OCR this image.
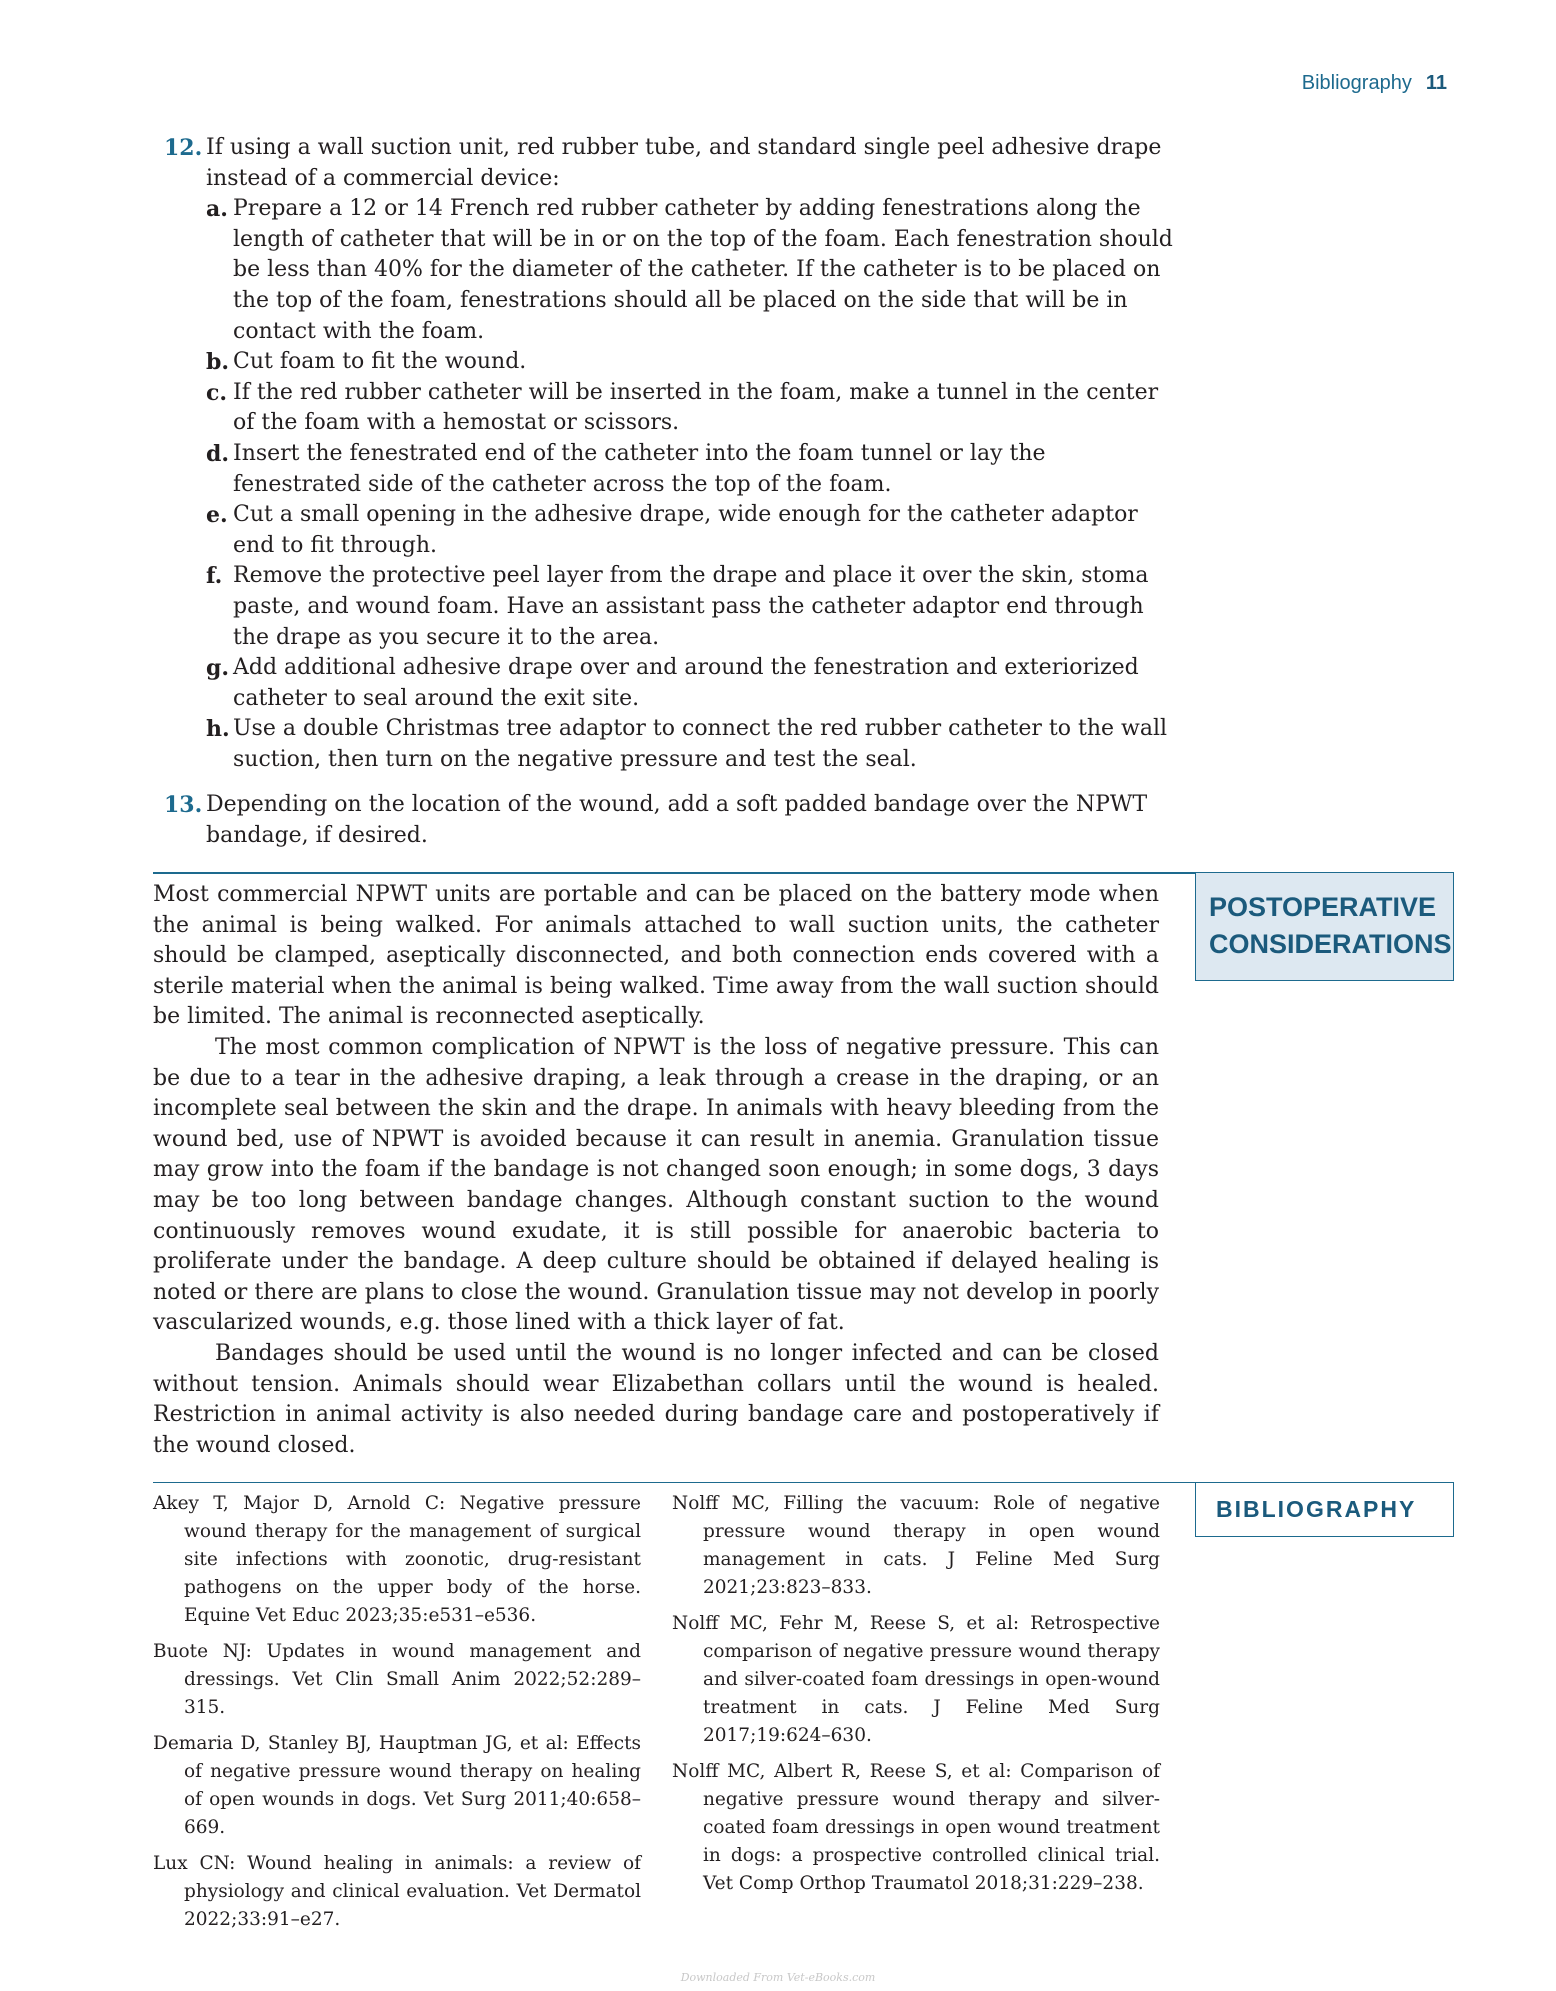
Bibliography 11
12. If using a wall suction unit, red rubber tube, and standard single peel adhesive drape instead of a commercial device:
a. Prepare a 12 or 14 French red rubber catheter by adding fenestrations along the length of catheter that will be in or on the top of the foam. Each fenestration should be less than 40% for the diameter of the catheter. If the catheter is to be placed on the top of the foam, fenestrations should all be placed on the side that will be in contact with the foam.
b. Cut foam to fit the wound.
c. If the red rubber catheter will be inserted in the foam, make a tunnel in the center of the foam with a hemostat or scissors.
d. Insert the fenestrated end of the catheter into the foam tunnel or lay the fenestrated side of the catheter across the top of the foam.
e. Cut a small opening in the adhesive drape, wide enough for the catheter adaptor end to fit through.
f. Remove the protective peel layer from the drape and place it over the skin, stoma paste, and wound foam. Have an assistant pass the catheter adaptor end through the drape as you secure it to the area.
g. Add additional adhesive drape over and around the fenestration and exteriorized catheter to seal around the exit site.
h. Use a double Christmas tree adaptor to connect the red rubber catheter to the wall suction, then turn on the negative pressure and test the seal.
13. Depending on the location of the wound, add a soft padded bandage over the NPWT bandage, if desired.
POSTOPERATIVE
CONSIDERATIONS

Most commercial NPWT units are portable and can be placed on the battery mode when the animal is being walked. For animals attached to wall suction units, the catheter should be clamped, aseptically disconnected, and both connection ends covered with a sterile material when the animal is being walked. Time away from the wall suction should be limited. The animal is reconnected aseptically.

The most common complication of NPWT is the loss of negative pressure. This can be due to a tear in the adhesive draping, a leak through a crease in the draping, or an incomplete seal between the skin and the drape. In animals with heavy bleeding from the wound bed, use of NPWT is avoided because it can result in anemia. Granulation tissue may grow into the foam if the bandage is not changed soon enough; in some dogs, 3 days may be too long between bandage changes. Although constant suction to the wound continuously removes wound exudate, it is still possible for anaerobic bacteria to proliferate under the bandage. A deep culture should be obtained if delayed healing is noted or there are plans to close the wound. Granulation tissue may not develop in poorly vascularized wounds, e.g. those lined with a thick layer of fat.

Bandages should be used until the wound is no longer infected and can be closed without tension. Animals should wear Elizabethan collars until the wound is healed. Restriction in animal activity is also needed during bandage care and postoperatively if the wound closed.

BIBLIOGRAPHY
Akey T, Major D, Arnold C: Negative pressure wound therapy for the management of surgical site infections with zoonotic, drug-resistant pathogens on the upper body of the horse. Equine Vet Educ 2023;35:e531–e536.
Buote NJ: Updates in wound management and dressings. Vet Clin Small Anim 2022;52:289–315.
Demaria D, Stanley BJ, Hauptman JG, et al: Effects of negative pressure wound therapy on healing of open wounds in dogs. Vet Surg 2011;40:658–669.
Lux CN: Wound healing in animals: a review of physiology and clinical evaluation. Vet Dermatol 2022;33:91–e27.
Nolff MC, Filling the vacuum: Role of negative pressure wound therapy in open wound management in cats. J Feline Med Surg 2021;23:823–833.
Nolff MC, Fehr M, Reese S, et al: Retrospective comparison of negative pressure wound therapy and silver-coated foam dressings in open-wound treatment in cats. J Feline Med Surg 2017;19:624–630.
Nolff MC, Albert R, Reese S, et al: Comparison of negative pressure wound therapy and silver-coated foam dressings in open wound treatment in dogs: a prospective controlled clinical trial. Vet Comp Orthop Traumatol 2018;31:229–238.
Downloaded From Vet-eBooks.com
